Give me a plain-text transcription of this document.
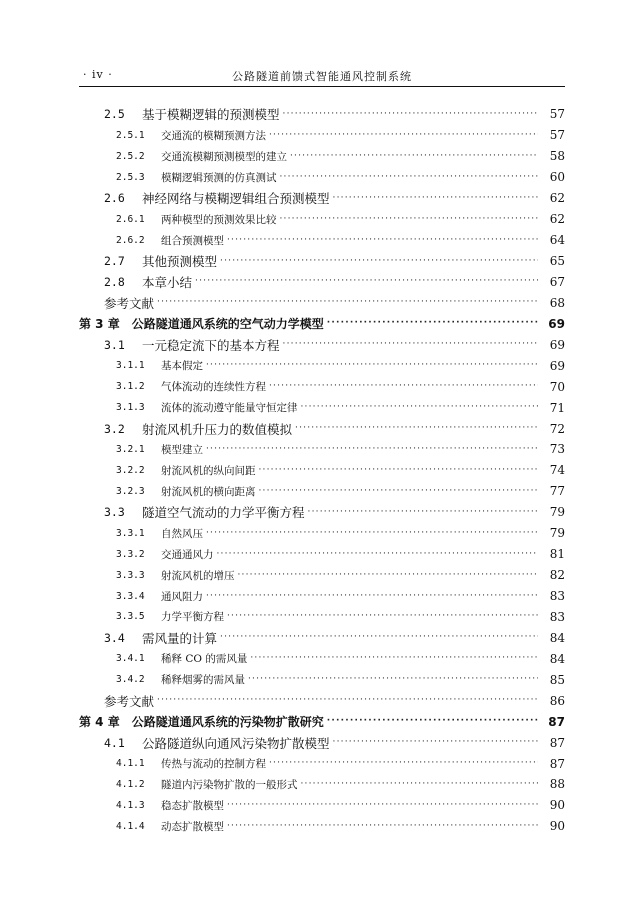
· iv ·	公路隧道前馈式智能通风控制系统
2.5	基于模糊逻辑的预测模型 ·····	57
2.5.1	交通流的模糊预测方法 ·····	57
2.5.2	交通流模糊预测模型的建立 ·····	58
2.5.3	模糊逻辑预测的仿真测试 ·····	60
2.6	神经网络与模糊逻辑组合预测模型 ·····	62
2.6.1	两种模型的预测效果比较 ·····	62
2.6.2	组合预测模型 ·····	64
2.7	其他预测模型 ·····	65
2.8	本章小结 ·····	67
参考文献 ·····	68
第 3 章 公路隧道通风系统的空气动力学模型 ·····	69
3.1	一元稳定流下的基本方程 ·····	69
3.1.1	基本假定 ·····	69
3.1.2	气体流动的连续性方程 ·····	70
3.1.3	流体的流动遵守能量守恒定律 ·····	71
3.2	射流风机升压力的数值模拟 ·····	72
3.2.1	模型建立 ·····	73
3.2.2	射流风机的纵向间距 ·····	74
3.2.3	射流风机的横向距离 ·····	77
3.3	隧道空气流动的力学平衡方程 ·····	79
3.3.1	自然风压 ·····	79
3.3.2	交通通风力 ·····	81
3.3.3	射流风机的增压 ·····	82
3.3.4	通风阻力 ·····	83
3.3.5	力学平衡方程 ·····	83
3.4	需风量的计算 ·····	84
3.4.1	稀释 CO 的需风量 ·····	84
3.4.2	稀释烟雾的需风量 ·····	85
参考文献 ·····	86
第 4 章 公路隧道通风系统的污染物扩散研究 ·····	87
4.1	公路隧道纵向通风污染物扩散模型 ·····	87
4.1.1	传热与流动的控制方程 ·····	87
4.1.2	隧道内污染物扩散的一般形式 ·····	88
4.1.3	稳态扩散模型 ·····	90
4.1.4	动态扩散模型 ·····	90
